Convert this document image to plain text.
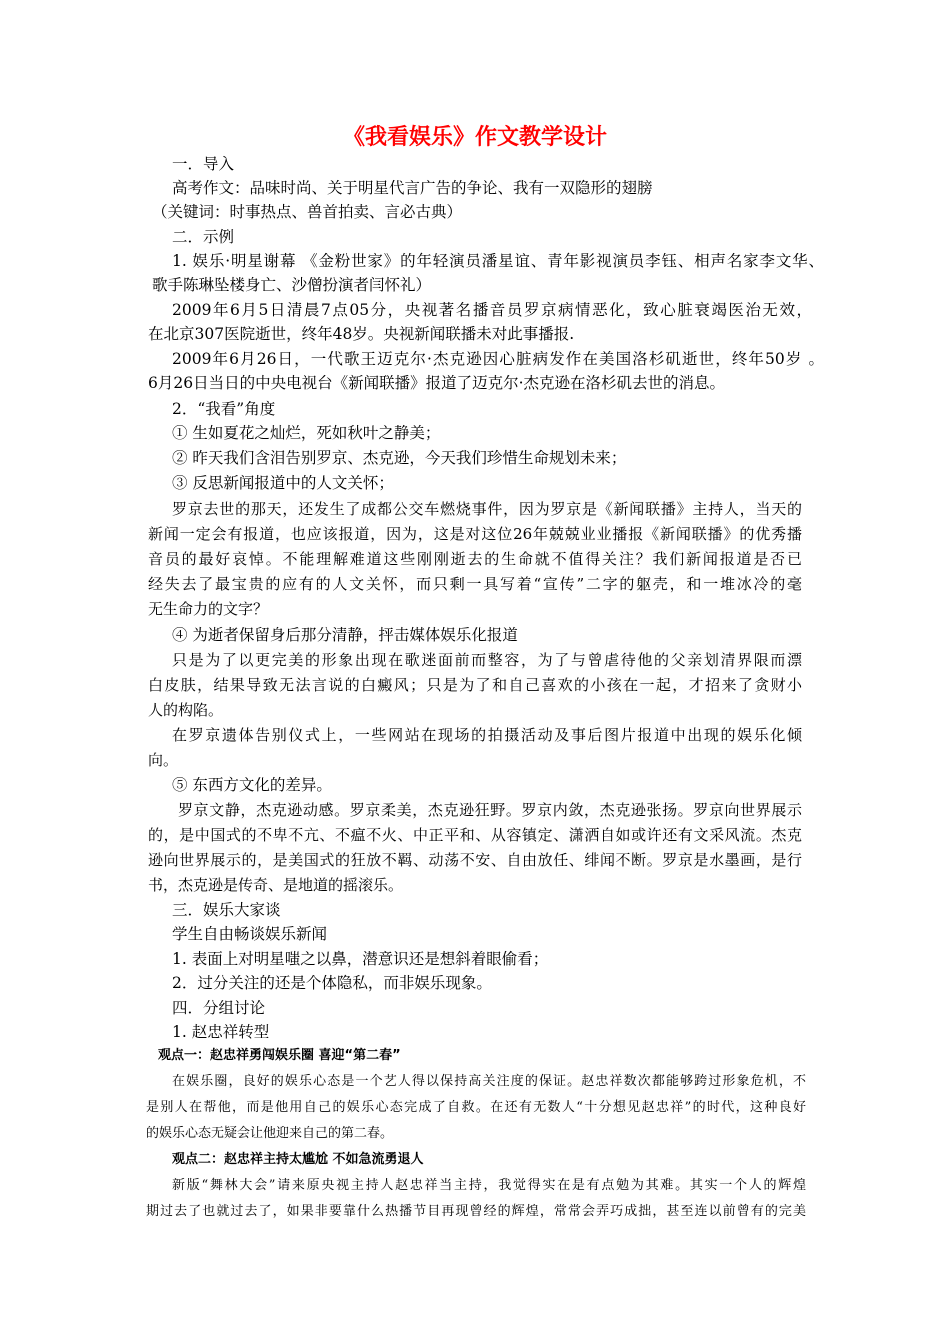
《我看娱乐》作文教学设计
一．导入
高考作文：品味时尚、关于明星代言广告的争论、我有一双隐形的翅膀
（关键词：时事热点、兽首拍卖、言必古典）
二．示例
1. 娱乐·明星谢幕 《金粉世家》的年轻演员潘星谊、青年影视演员李钰、相声名家李文华、
歌手陈琳坠楼身亡、沙僧扮演者闫怀礼）
2009年6月5日清晨7点05分，央视著名播音员罗京病情恶化，致心脏衰竭医治无效，
在北京307医院逝世，终年48岁。央视新闻联播未对此事播报.
2009年6月26日，一代歌王迈克尔·杰克逊因心脏病发作在美国洛杉矶逝世，终年50岁 。
6月26日当日的中央电视台《新闻联播》报道了迈克尔·杰克逊在洛杉矶去世的消息。
2．“我看”角度
① 生如夏花之灿烂，死如秋叶之静美；
② 昨天我们含泪告别罗京、杰克逊，今天我们珍惜生命规划未来；
③ 反思新闻报道中的人文关怀；
罗京去世的那天，还发生了成都公交车燃烧事件，因为罗京是《新闻联播》主持人，当天的
新闻一定会有报道，也应该报道，因为，这是对这位26年兢兢业业播报《新闻联播》的优秀播
音员的最好哀悼。不能理解难道这些刚刚逝去的生命就不值得关注？我们新闻报道是否已
经失去了最宝贵的应有的人文关怀，而只剩一具写着“宣传”二字的躯壳，和一堆冰冷的毫
无生命力的文字？
④ 为逝者保留身后那分清静，抨击媒体娱乐化报道
只是为了以更完美的形象出现在歌迷面前而整容，为了与曾虐待他的父亲划清界限而漂
白皮肤，结果导致无法言说的白癜风；只是为了和自己喜欢的小孩在一起，才招来了贪财小
人的构陷。
在罗京遗体告别仪式上，一些网站在现场的拍摄活动及事后图片报道中出现的娱乐化倾
向。
⑤ 东西方文化的差异。
罗京文静，杰克逊动感。罗京柔美，杰克逊狂野。罗京内敛，杰克逊张扬。罗京向世界展示
的，是中国式的不卑不亢、不瘟不火、中正平和、从容镇定、潇洒自如或许还有文采风流。杰克
逊向世界展示的，是美国式的狂放不羁、动荡不安、自由放任、绯闻不断。罗京是水墨画，是行
书，杰克逊是传奇、是地道的摇滚乐。
三．娱乐大家谈
学生自由畅谈娱乐新闻
1. 表面上对明星嗤之以鼻，潜意识还是想斜着眼偷看；
2．过分关注的还是个体隐私，而非娱乐现象。
四．分组讨论
1. 赵忠祥转型
观点一：赵忠祥勇闯娱乐圈 喜迎“第二春”
在娱乐圈，良好的娱乐心态是一个艺人得以保持高关注度的保证。赵忠祥数次都能够跨过形象危机，不
是别人在帮他，而是他用自己的娱乐心态完成了自救。在还有无数人“十分想见赵忠祥”的时代，这种良好
的娱乐心态无疑会让他迎来自己的第二春。
观点二：赵忠祥主持太尴尬 不如急流勇退人
新版“舞林大会”请来原央视主持人赵忠祥当主持，我觉得实在是有点勉为其难。其实一个人的辉煌
期过去了也就过去了，如果非要靠什么热播节目再现曾经的辉煌，常常会弄巧成拙，甚至连以前曾有的完美
